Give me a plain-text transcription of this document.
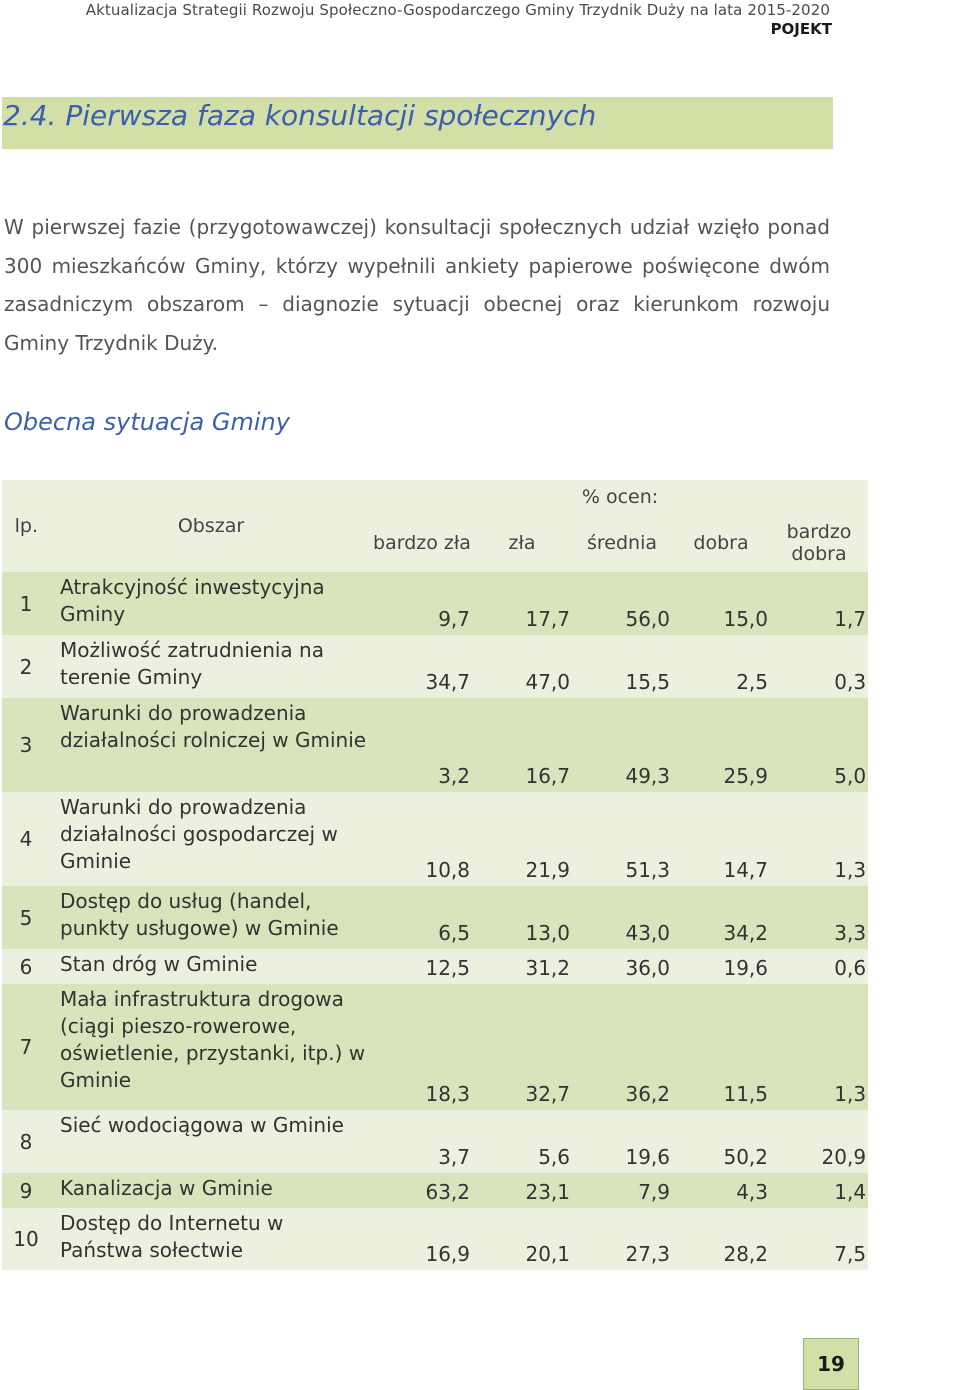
Aktualizacja Strategii Rozwoju Społeczno-Gospodarczego Gminy Trzydnik Duży na lata 2015-2020
POJEKT
2.4. Pierwsza faza konsultacji społecznych
W pierwszej fazie (przygotowawczej) konsultacji społecznych udział wzięło ponad 300 mieszkańców Gminy, którzy wypełnili ankiety papierowe poświęcone dwóm zasadniczym obszarom – diagnozie sytuacji obecnej oraz kierunkom rozwoju Gminy Trzydnik Duży.
Obecna sytuacja Gminy
lp.	Obszar	% ocen:				
		bardzo zła	zła	średnia	dobra	bardzo dobra
1	Atrakcyjność inwestycyjna Gminy	9,7	17,7	56,0	15,0	1,7
2	Możliwość zatrudnienia na terenie Gminy	34,7	47,0	15,5	2,5	0,3
3	Warunki do prowadzenia działalności rolniczej w Gminie	3,2	16,7	49,3	25,9	5,0
4	Warunki do prowadzenia działalności gospodarczej w Gminie	10,8	21,9	51,3	14,7	1,3
5	Dostęp do usług (handel, punkty usługowe) w Gminie	6,5	13,0	43,0	34,2	3,3
6	Stan dróg w Gminie	12,5	31,2	36,0	19,6	0,6
7	Mała infrastruktura drogowa (ciągi pieszo-rowerowe, oświetlenie, przystanki, itp.) w Gminie	18,3	32,7	36,2	11,5	1,3
8	Sieć wodociągowa w Gminie	3,7	5,6	19,6	50,2	20,9
9	Kanalizacja w Gminie	63,2	23,1	7,9	4,3	1,4
10	Dostęp do Internetu w Państwa sołectwie	16,9	20,1	27,3	28,2	7,5
19
